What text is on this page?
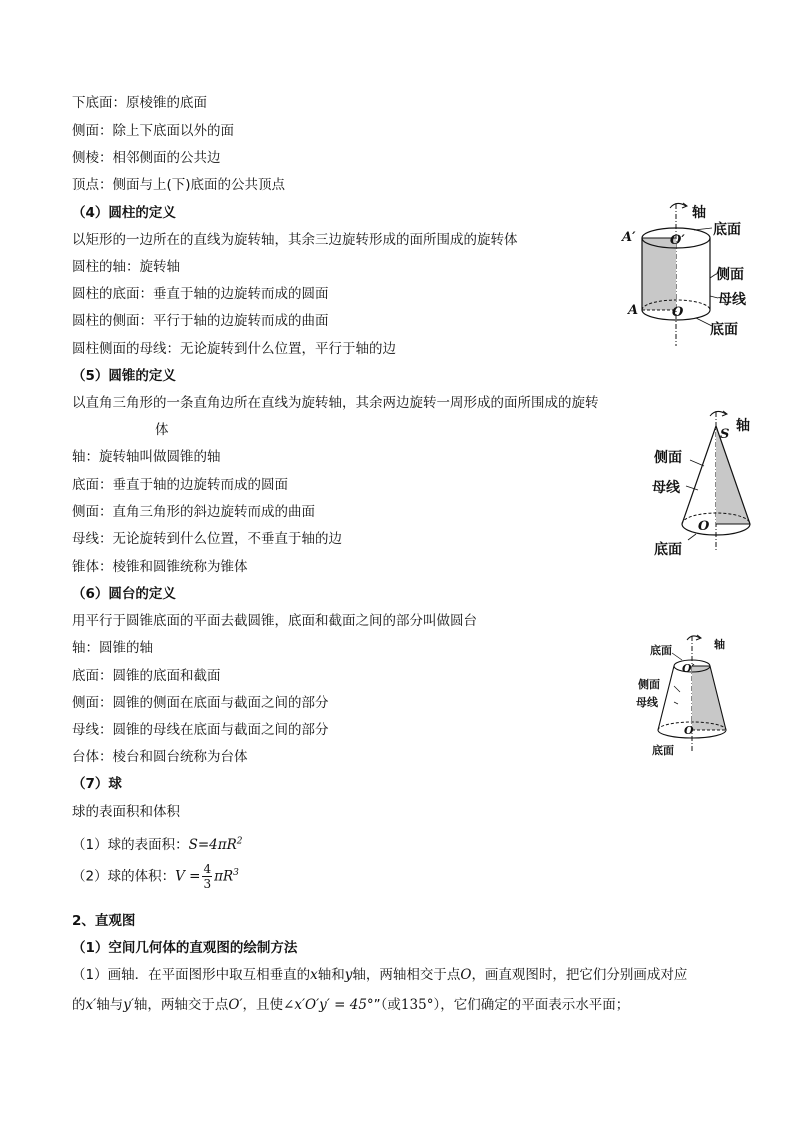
下底面：原棱锥的底面
侧面：除上下底面以外的面
侧棱：相邻侧面的公共边
顶点：侧面与上(下)底面的公共顶点
（4）圆柱的定义
以矩形的一边所在的直线为旋转轴，其余三边旋转形成的面所围成的旋转体
圆柱的轴：旋转轴
圆柱的底面：垂直于轴的边旋转而成的圆面
圆柱的侧面：平行于轴的边旋转而成的曲面
圆柱侧面的母线：无论旋转到什么位置，平行于轴的边
（5）圆锥的定义
以直角三角形的一条直角边所在直线为旋转轴，其余两边旋转一周形成的面所围成的旋转
体
轴：旋转轴叫做圆锥的轴
底面：垂直于轴的边旋转而成的圆面
侧面：直角三角形的斜边旋转而成的曲面
母线：无论旋转到什么位置，不垂直于轴的边
锥体：棱锥和圆锥统称为锥体
（6）圆台的定义
用平行于圆锥底面的平面去截圆锥，底面和截面之间的部分叫做圆台
轴：圆锥的轴
底面：圆锥的底面和截面
侧面：圆锥的侧面在底面与截面之间的部分
母线：圆锥的母线在底面与截面之间的部分
台体：棱台和圆台统称为台体
（7）球
球的表面积和体积
（1）球的表面积：$S=4\pi R^2$
（2）球的体积：$V = \frac{4}{3} \pi R^3$
2、直观图
（1）空间几何体的直观图的绘制方法
（1）画轴．在平面图形中取互相垂直的x轴和y轴，两轴相交于点O，画直观图时，把它们分别画成对应
的x′轴与y′轴，两轴交于点O′，且使∠x′O′y′ = 45°”（或135°），它们确定的平面表示水平面；
轴
底面
A′	O′
侧面
母线
A	O
底面
轴
S
侧面
母线
O
底面
底面	轴
O′
侧面
母线
O
底面
